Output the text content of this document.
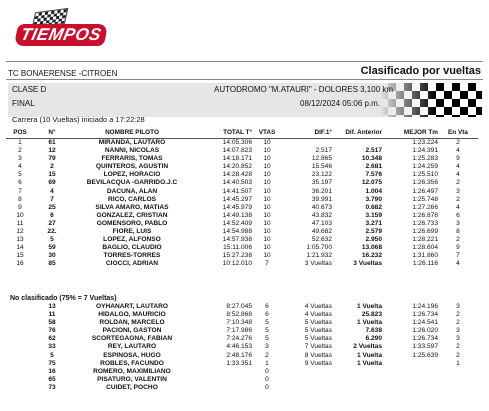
TIEMPOS
TC BONAERENSE -CITROEN	Clasificado por vueltas
CLASE D	AUTODROMO "M.ATAURI" - DOLORES 3,100 km
FINAL	08/12/2024 05:06 p.m.
Carrera (10 Vueltas) iniciado a 17:22:28
POS	N°	NOMBRE PILOTO	TOTAL T°	VTAS	DIF.1°	Dif. Anterior	MEJOR Tm	En Vta
1	61	MIRANDA, LAUTARO	14:05.306	10			1:23.224	2
2	12	NANNI, NICOLAS	14:07.823	10	2.517	2.517	1:24.391	4
3	79	FERRARIS, TOMAS	14:18.171	10	12.865	10.348	1:25.283	9
4	2	QUINTEROS, AGUSTIN	14:20.852	10	15.546	2.681	1:24.259	4
5	15	LOPEZ, HORACIO	14:28.428	10	23.122	7.576	1:25.510	4
6	69	BEVILACQUA -GARRIDO.J.C	14:40.503	10	35.197	12.075	1:26.356	2
7	4	DACUNA, ALAN	14:41.507	10	36.201	1.004	1:26.497	3
8	7	RICO, CARLOS	14:45.297	10	39.991	3.790	1:25.748	2
9	25	SILVA AMARO, MATIAS	14:45.979	10	40.673	0.682	1:27.266	4
10	6	GONZALEZ, CRISTIAN	14:49.138	10	43.832	3.159	1:26.878	6
11	27	GOMENSORO, PABLO	14:52.409	10	47.103	3.271	1:26.733	3
12	22.	FIORE, LUIS	14:54.988	10	49.682	2.579	1:26.699	8
13	5	LOPEZ, ALFONSO	14:57.938	10	52.632	2.950	1:28.221	2
14	59	BAGLIO, CLAUDIO	15:11.006	10	1:05.700	13.068	1:28.604	9
15	30	TORRES-TORRES	15:27.238	10	1:21.932	16.232	1:31.860	7
16	85	CIOCCI, ADRIAN	10:12.010	7	3 Vueltas	3 Vueltas	1:26.116	4
No clasificado (75% = 7 Vueltas)
	13	OYHANART, LAUTARO	8:27.045	6	4 Vueltas	1 Vuelta	1:24.196	3
	11	HIDALGO, MAURICIO	8:52.868	6	4 Vueltas	25.823	1:26.734	2
	58	ROLDAN, MARCELO	7:10.348	5	5 Vueltas	1 Vuelta	1:24.541	2
	76	PACIONI, GASTON	7:17.986	5	5 Vueltas	7.638	1:26.020	3
	62	SCORTEGAGNA, FABIAN	7:24.276	5	5 Vueltas	6.290	1:26.734	3
	33	REY, LAUTARO	4:46.153	3	7 Vueltas	2 Vueltas	1:33.597	2
	5	ESPINOSA, HUGO	2:48.176	2	8 Vueltas	1 Vuelta	1:25.639	2
	75	ROBLES, FACUNDO	1:33.351	1	9 Vueltas	1 Vuelta		1
	16	ROMERO, MAXIMILIANO		0				
	65	PISATURO, VALENTIN		0				
	73	CUIDET, POCHO		0				
